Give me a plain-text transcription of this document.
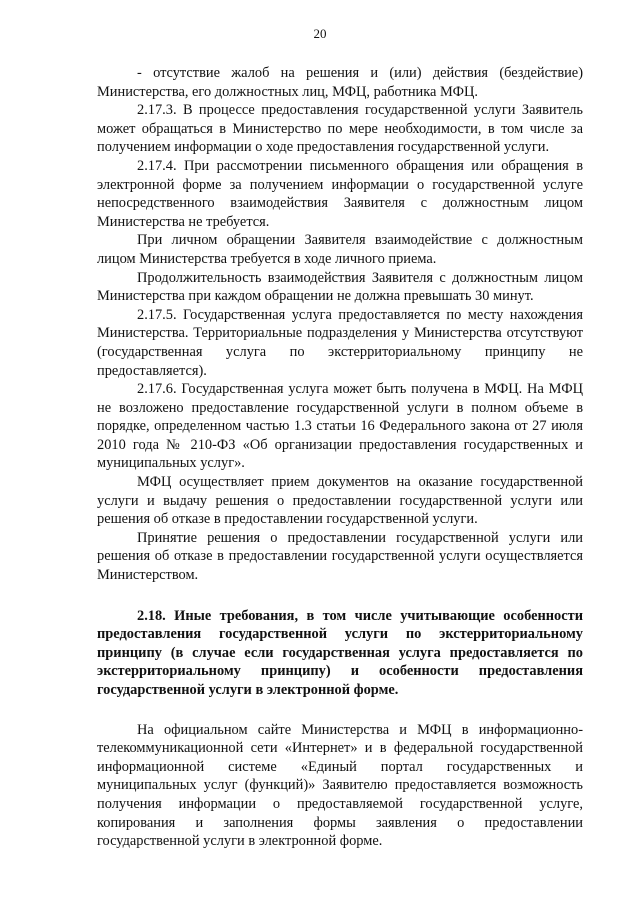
20

- отсутствие жалоб на решения и (или) действия (бездействие) Министерства, его должностных лиц, МФЦ, работника МФЦ.

2.17.3. В процессе предоставления государственной услуги Заявитель может обращаться в Министерство по мере необходимости, в том числе за получением информации о ходе предоставления государственной услуги.

2.17.4. При рассмотрении письменного обращения или обращения в электронной форме за получением информации о государственной услуге непосредственного взаимодействия Заявителя с должностным лицом Министерства не требуется.

При личном обращении Заявителя взаимодействие с должностным лицом Министерства требуется в ходе личного приема.

Продолжительность взаимодействия Заявителя с должностным лицом Министерства при каждом обращении не должна превышать 30 минут.

2.17.5. Государственная услуга предоставляется по месту нахождения Министерства. Территориальные подразделения у Министерства отсутствуют (государственная услуга по экстерриториальному принципу не предоставляется).

2.17.6. Государственная услуга может быть получена в МФЦ. На МФЦ не возложено предоставление государственной услуги в полном объеме в порядке, определенном частью 1.3 статьи 16 Федерального закона от 27 июля 2010 года № 210-ФЗ «Об организации предоставления государственных и муниципальных услуг».

МФЦ осуществляет прием документов на оказание государственной услуги и выдачу решения о предоставлении государственной услуги или решения об отказе в предоставлении государственной услуги.

Принятие решения о предоставлении государственной услуги или решения об отказе в предоставлении государственной услуги осуществляется Министерством.

2.18. Иные требования, в том числе учитывающие особенности предоставления государственной услуги по экстерриториальному принципу (в случае если государственная услуга предоставляется по экстерриториальному принципу) и особенности предоставления государственной услуги в электронной форме.

На официальном сайте Министерства и МФЦ в информационно-телекоммуникационной сети «Интернет» и в федеральной государственной информационной системе «Единый портал государственных и муниципальных услуг (функций)» Заявителю предоставляется возможность получения информации о предоставляемой государственной услуге, копирования и заполнения формы заявления о предоставлении государственной услуги в электронной форме.
